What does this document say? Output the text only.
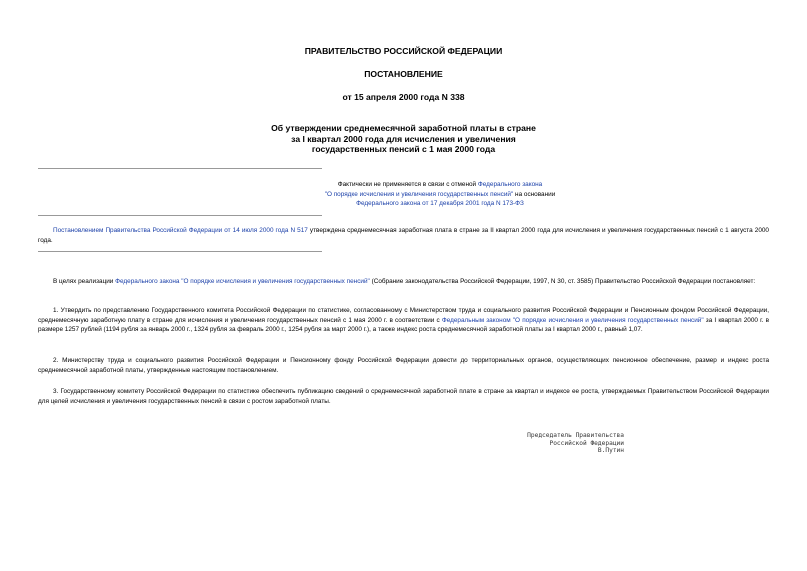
ПРАВИТЕЛЬСТВО РОССИЙСКОЙ ФЕДЕРАЦИИ
ПОСТАНОВЛЕНИЕ
от 15 апреля 2000 года N 338
Об утверждении среднемесячной заработной платы в стране
за I квартал 2000 года для исчисления и увеличения
государственных пенсий с 1 мая 2000 года
Фактически не применяется в связи с отменой Федерального закона
"О порядке исчисления и увеличения государственных пенсий" на основании
Федерального закона от 17 декабря 2001 года N 173-ФЗ
Постановлением Правительства Российской Федерации от 14 июля 2000 года N 517 утверждена среднемесячная заработная плата в стране за II квартал 2000 года для исчисления и увеличения государственных пенсий с 1 августа 2000 года.
В целях реализации Федерального закона "О порядке исчисления и увеличения государственных пенсий" (Собрание законодательства Российской Федерации, 1997, N 30, ст. 3585) Правительство Российской Федерации постановляет:
1. Утвердить по представлению Государственного комитета Российской Федерации по статистике, согласованному с Министерством труда и социального развития Российской Федерации и Пенсионным фондом Российской Федерации, среднемесячную заработную плату в стране для исчисления и увеличения государственных пенсий с 1 мая 2000 г. в соответствии с Федеральным законом "О порядке исчисления и увеличения государственных пенсий" за I квартал 2000 г. в размере 1257 рублей (1194 рубля за январь 2000 г., 1324 рубля за февраль 2000 г., 1254 рубля за март 2000 г.), а также индекс роста среднемесячной заработной платы за I квартал 2000 г., равный 1,07.
2. Министерству труда и социального развития Российской Федерации и Пенсионному фонду Российской Федерации довести до территориальных органов, осуществляющих пенсионное обеспечение, размер и индекс роста среднемесячной заработной платы, утвержденные настоящим постановлением.
3. Государственному комитету Российской Федерации по статистике обеспечить публикацию сведений о среднемесячной заработной плате в стране за квартал и индексе ее роста, утверждаемых Правительством Российской Федерации для целей исчисления и увеличения государственных пенсий в связи с ростом заработной платы.
Председатель Правительства
Российской Федерации
В.Путин
